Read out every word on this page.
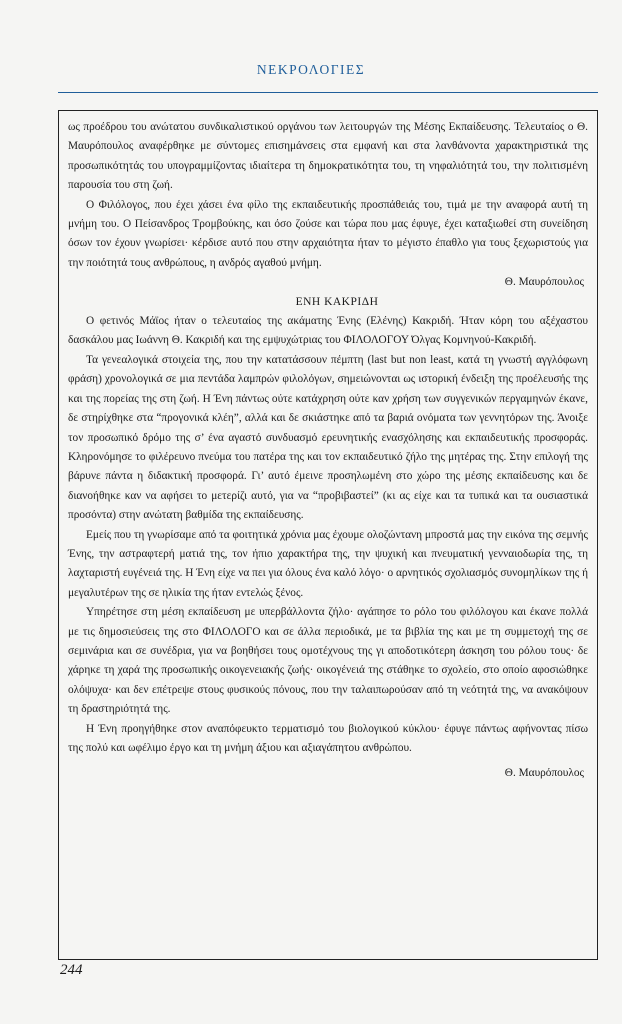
ΝΕΚΡΟΛΟΓΙΕΣ

ως προέδρου του ανώτατου συνδικαλιστικού οργάνου των λειτουργών της Μέσης Εκπαίδευσης. Τελευταίος ο Θ. Μαυρόπουλος αναφέρθηκε με σύντομες επισημάνσεις στα εμφανή και στα λανθάνοντα χαρακτηριστικά της προσωπικότητάς του υπογραμμίζοντας ιδιαίτερα τη δημοκρατικότητα του, τη νηφαλιότητά του, την πολιτισμένη παρουσία του στη ζωή.

Ο Φιλόλογος, που έχει χάσει ένα φίλο της εκπαιδευτικής προσπάθειάς του, τιμά με την αναφορά αυτή τη μνήμη του. Ο Πείσανδρος Τρομβούκης, και όσο ζούσε και τώρα που μας έφυγε, έχει καταξιωθεί στη συνείδηση όσων τον έχουν γνωρίσει· κέρδισε αυτό που στην αρχαιότητα ήταν το μέγιστο έπαθλο για τους ξεχωριστούς για την ποιότητά τους ανθρώπους, η ανδρός αγαθού μνήμη.

Θ. Μαυρόπουλος

ΕΝΗ ΚΑΚΡΙΔΗ

Ο φετινός Μάϊος ήταν ο τελευταίος της ακάματης Ένης (Ελένης) Κακριδή. Ήταν κόρη του αξέχαστου δασκάλου μας Ιωάννη Θ. Κακριδή και της εμψυχώτριας του ΦΙΛΟΛΟΓΟΥ Όλγας Κομνηνού-Κακριδή.

Τα γενεαλογικά στοιχεία της, που την κατατάσσουν πέμπτη (last but non least, κατά τη γνωστή αγγλόφωνη φράση) χρονολογικά σε μια πεντάδα λαμπρών φιλολόγων, σημειώνονται ως ιστορική ένδειξη της προέλευσής της και της πορείας της στη ζωή. Η Ένη πάντως ούτε κατάχρηση ούτε καν χρήση των συγγενικών περγαμηνών έκανε, δε στηρίχθηκε στα “προγονικά κλέη”, αλλά και δε σκιάστηκε από τα βαριά ονόματα των γεννητόρων της. Άνοιξε τον προσωπικό δρόμο της σ’ ένα αγαστό συνδυασμό ερευνητικής ενασχόλησης και εκπαιδευτικής προσφοράς. Κληρονόμησε το φιλέρευνο πνεύμα του πατέρα της και τον εκπαιδευτικό ζήλο της μητέρας της. Στην επιλογή της βάρυνε πάντα η διδακτική προσφορά. Γι’ αυτό έμεινε προσηλωμένη στο χώρο της μέσης εκπαίδευσης και δε διανοήθηκε καν να αφήσει το μετερίζι αυτό, για να “προβιβαστεί” (κι ας είχε και τα τυπικά και τα ουσιαστικά προσόντα) στην ανώτατη βαθμίδα της εκπαίδευσης.

Εμείς που τη γνωρίσαμε από τα φοιτητικά χρόνια μας έχουμε ολοζώντανη μπροστά μας την εικόνα της σεμνής Ένης, την αστραφτερή ματιά της, τον ήπιο χαρακτήρα της, την ψυχική και πνευματική γενναιοδωρία της, τη λαχταριστή ευγένειά της. Η Ένη είχε να πει για όλους ένα καλό λόγο· ο αρνητικός σχολιασμός συνομηλίκων της ή μεγαλυτέρων της σε ηλικία της ήταν εντελώς ξένος.

Υπηρέτησε στη μέση εκπαίδευση με υπερβάλλοντα ζήλο· αγάπησε το ρόλο του φιλόλογου και έκανε πολλά με τις δημοσιεύσεις της στο ΦΙΛΟΛΟΓΟ και σε άλλα περιοδικά, με τα βιβλία της και με τη συμμετοχή της σε σεμινάρια και σε συνέδρια, για να βοηθήσει τους ομοτέχνους της γι αποδοτικότερη άσκηση του ρόλου τους· δε χάρηκε τη χαρά της προσωπικής οικογενειακής ζωής· οικογένειά της στάθηκε το σχολείο, στο οποίο αφοσιώθηκε ολόψυχα· και δεν επέτρεψε στους φυσικούς πόνους, που την ταλαιπωρούσαν από τη νεότητά της, να ανακόψουν τη δραστηριότητά της.

Η Ένη προηγήθηκε στον αναπόφευκτο τερματισμό του βιολογικού κύκλου· έφυγε πάντως αφήνοντας πίσω της πολύ και ωφέλιμο έργο και τη μνήμη άξιου και αξιαγάπητου ανθρώπου.

Θ. Μαυρόπουλος

244
